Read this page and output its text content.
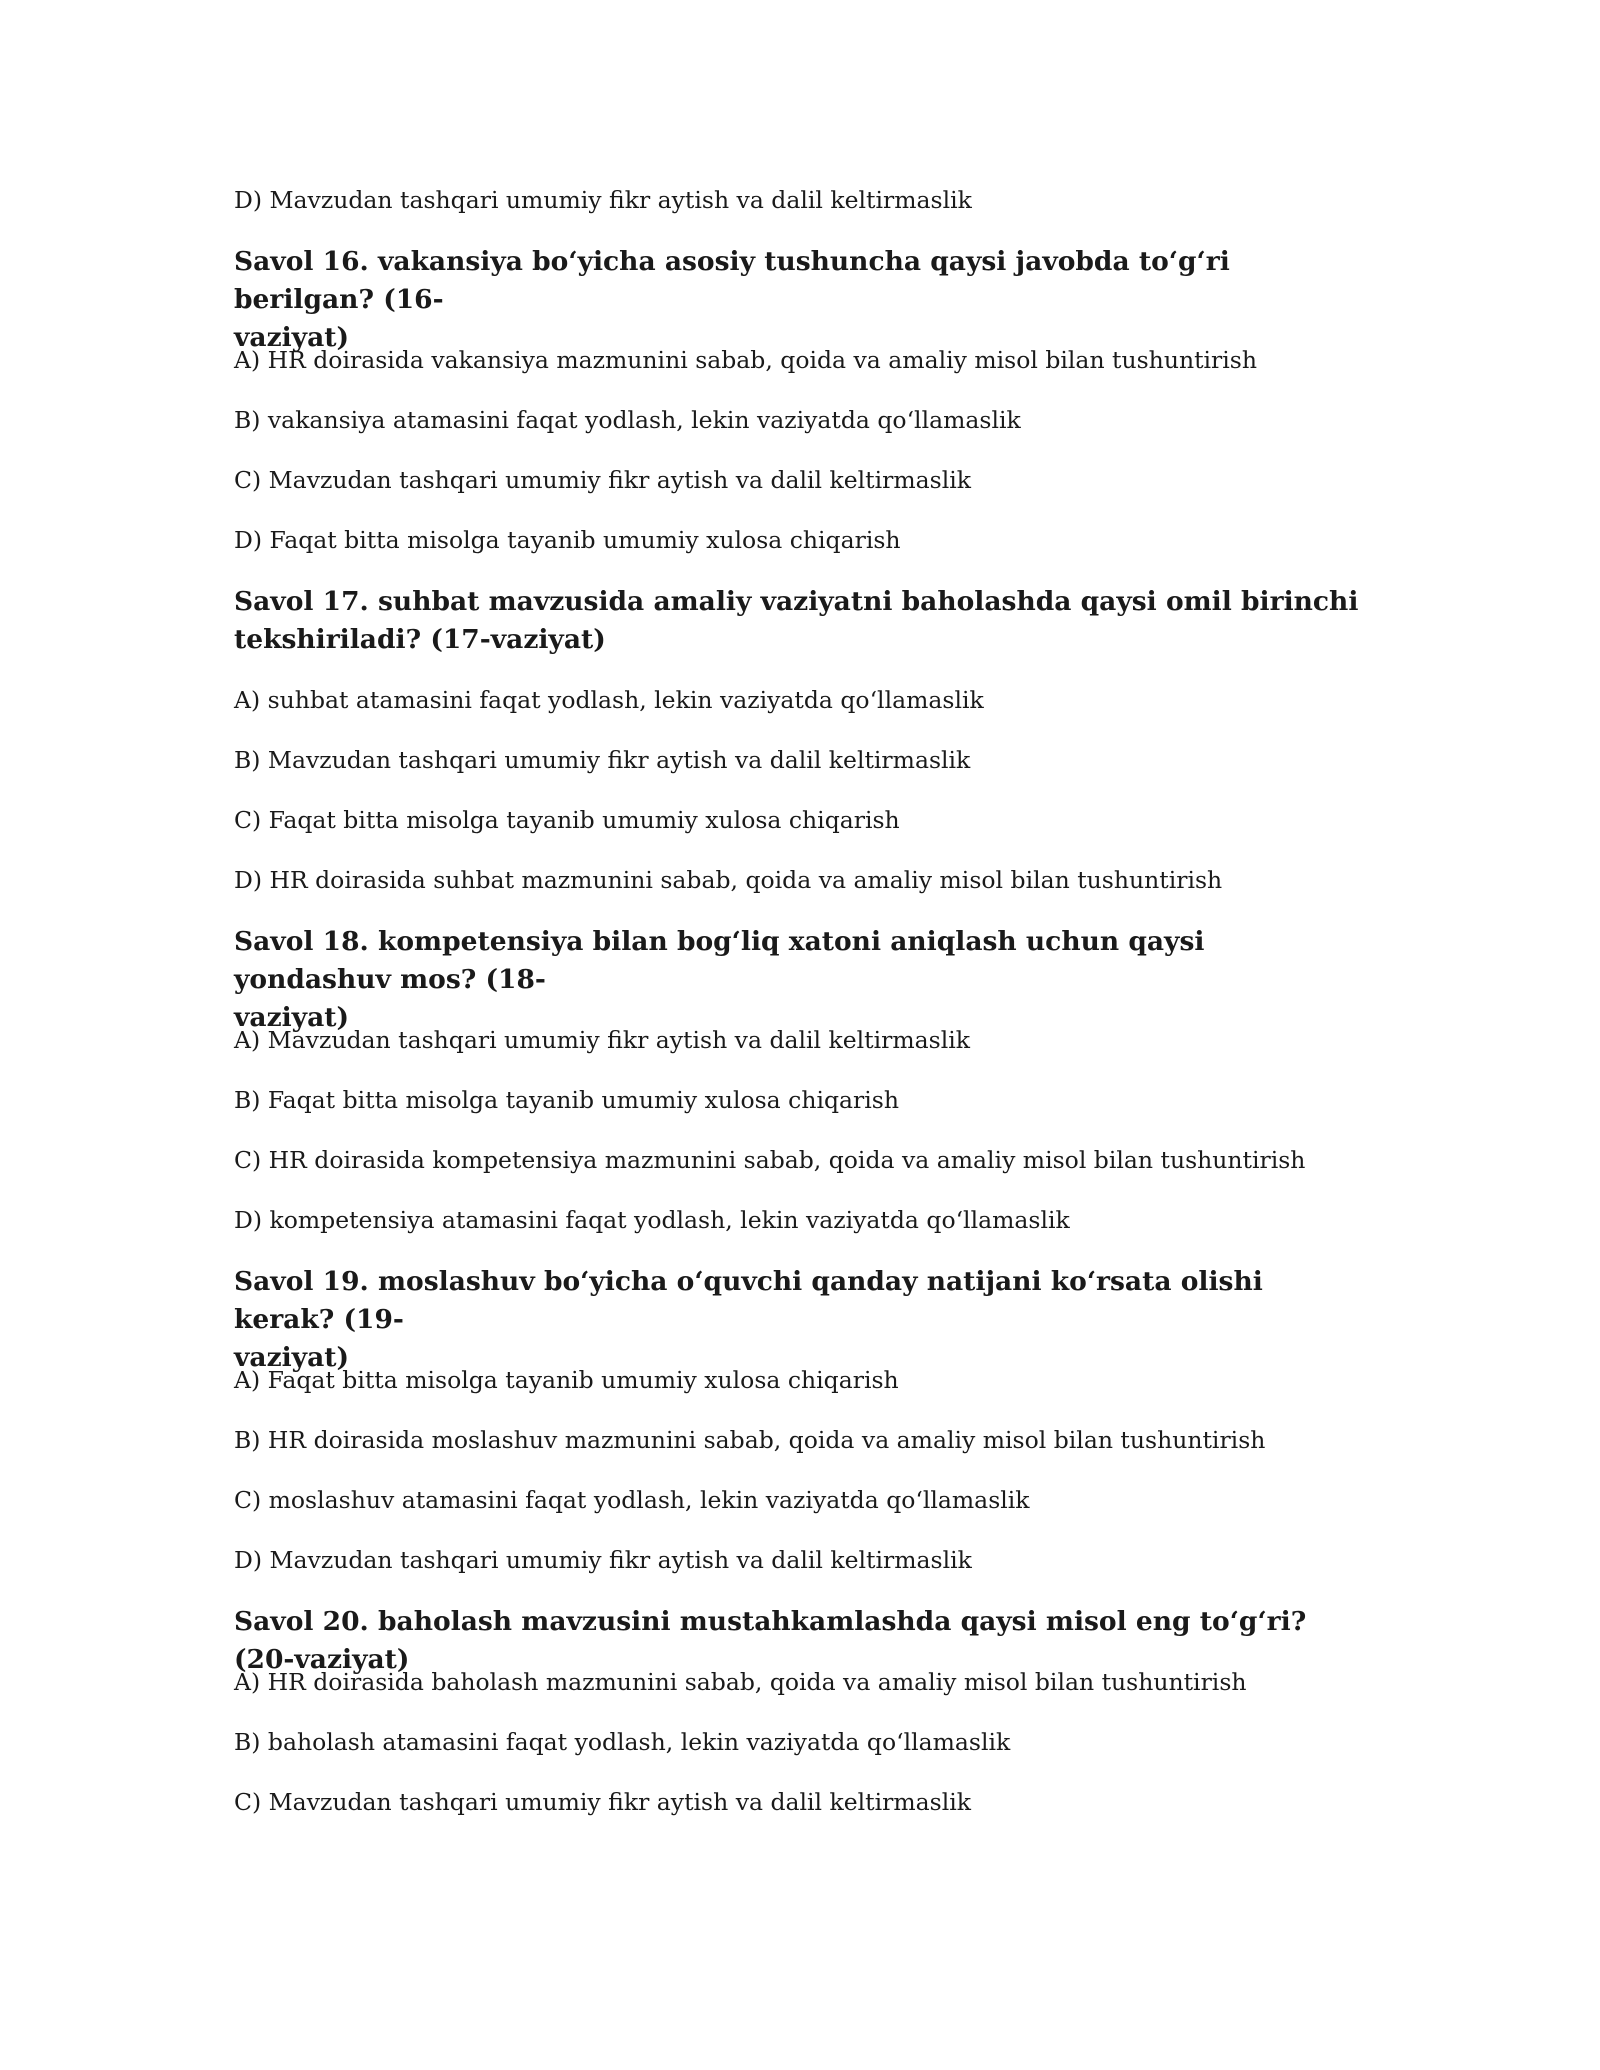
D) Mavzudan tashqari umumiy fikr aytish va dalil keltirmaslik
Savol 16. vakansiya bo‘yicha asosiy tushuncha qaysi javobda to‘g‘ri berilgan? (16-
vaziyat)
A) HR doirasida vakansiya mazmunini sabab, qoida va amaliy misol bilan tushuntirish
B) vakansiya atamasini faqat yodlash, lekin vaziyatda qo‘llamaslik
C) Mavzudan tashqari umumiy fikr aytish va dalil keltirmaslik
D) Faqat bitta misolga tayanib umumiy xulosa chiqarish
Savol 17. suhbat mavzusida amaliy vaziyatni baholashda qaysi omil birinchi
tekshiriladi? (17-vaziyat)
A) suhbat atamasini faqat yodlash, lekin vaziyatda qo‘llamaslik
B) Mavzudan tashqari umumiy fikr aytish va dalil keltirmaslik
C) Faqat bitta misolga tayanib umumiy xulosa chiqarish
D) HR doirasida suhbat mazmunini sabab, qoida va amaliy misol bilan tushuntirish
Savol 18. kompetensiya bilan bog‘liq xatoni aniqlash uchun qaysi yondashuv mos? (18-
vaziyat)
A) Mavzudan tashqari umumiy fikr aytish va dalil keltirmaslik
B) Faqat bitta misolga tayanib umumiy xulosa chiqarish
C) HR doirasida kompetensiya mazmunini sabab, qoida va amaliy misol bilan tushuntirish
D) kompetensiya atamasini faqat yodlash, lekin vaziyatda qo‘llamaslik
Savol 19. moslashuv bo‘yicha o‘quvchi qanday natijani ko‘rsata olishi kerak? (19-
vaziyat)
A) Faqat bitta misolga tayanib umumiy xulosa chiqarish
B) HR doirasida moslashuv mazmunini sabab, qoida va amaliy misol bilan tushuntirish
C) moslashuv atamasini faqat yodlash, lekin vaziyatda qo‘llamaslik
D) Mavzudan tashqari umumiy fikr aytish va dalil keltirmaslik
Savol 20. baholash mavzusini mustahkamlashda qaysi misol eng to‘g‘ri? (20-vaziyat)
A) HR doirasida baholash mazmunini sabab, qoida va amaliy misol bilan tushuntirish
B) baholash atamasini faqat yodlash, lekin vaziyatda qo‘llamaslik
C) Mavzudan tashqari umumiy fikr aytish va dalil keltirmaslik
